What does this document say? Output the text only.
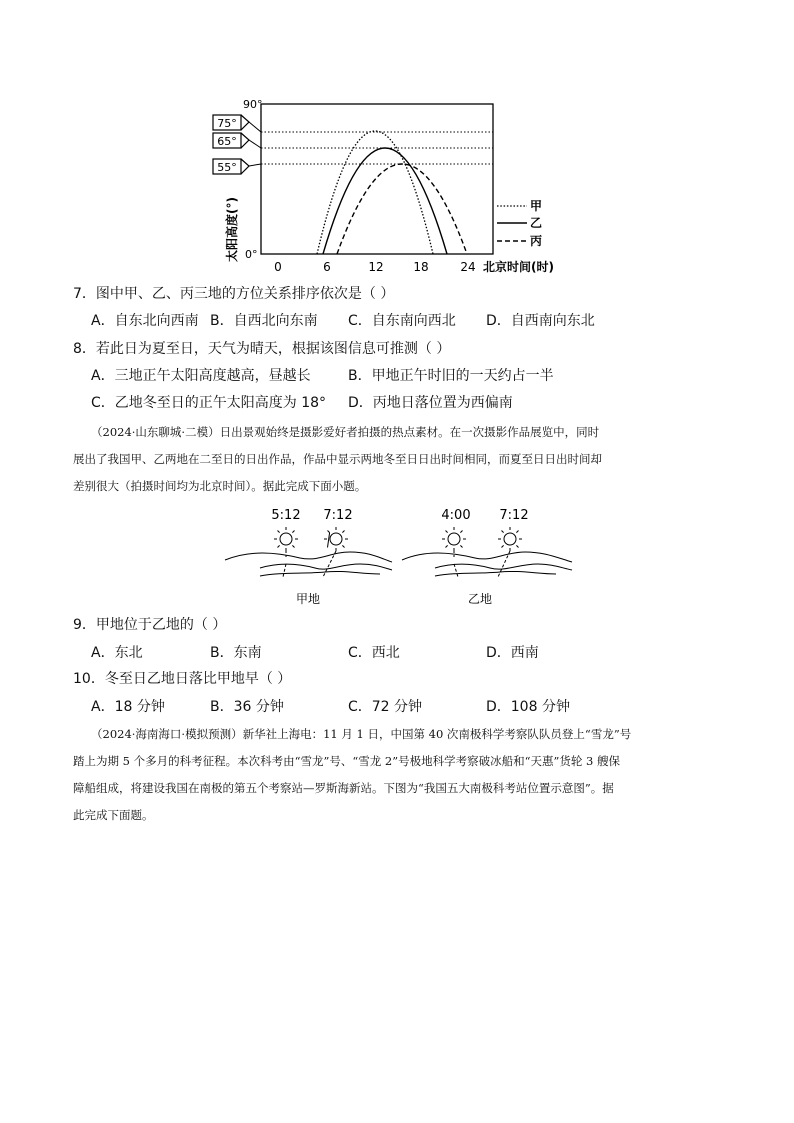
75°
65°
55°
90°
0°
太阳高度(°)
0	6	12 18	24 北京时间(时)
甲
乙
丙
7．图中甲、乙、丙三地的方位关系排序依次是（ ）
A．自东北向西南 B．自西北向东南 C．自东南向西北 D．自西南向东北
8．若此日为夏至日，天气为晴天，根据该图信息可推测（ ）
A．三地正午太阳高度越高，昼越长	B．甲地正午时旧的一天约占一半
C．乙地冬至日的正午太阳高度为 18° D．丙地日落位置为西偏南
（2024·山东聊城·二模）日出景观始终是摄影爱好者拍摄的热点素材。在一次摄影作品展览中，同时
展出了我国甲、乙两地在二至日的日出作品，作品中显示两地冬至日日出时间相同，而夏至日日出时间却
差别很大（拍摄时间均为北京时间）。据此完成下面小题。
5:12 7:12
甲地
4:00 7:12
乙地
9．甲地位于乙地的（ ）
A．东北	B．东南	C．西北	D．西南
10．冬至日乙地日落比甲地早（ ）
A．18 分钟	B．36 分钟	C．72 分钟	D．108 分钟
（2024·海南海口·模拟预测）新华社上海电：11 月 1 日，中国第 40 次南极科学考察队队员登上“雪龙”号
踏上为期 5 个多月的科考征程。本次科考由“雪龙”号、“雪龙 2”号极地科学考察破冰船和“天惠”货轮 3 艘保
障船组成，将建设我国在南极的第五个考察站—罗斯海新站。下图为“我国五大南极科考站位置示意图”。据
此完成下面题。
